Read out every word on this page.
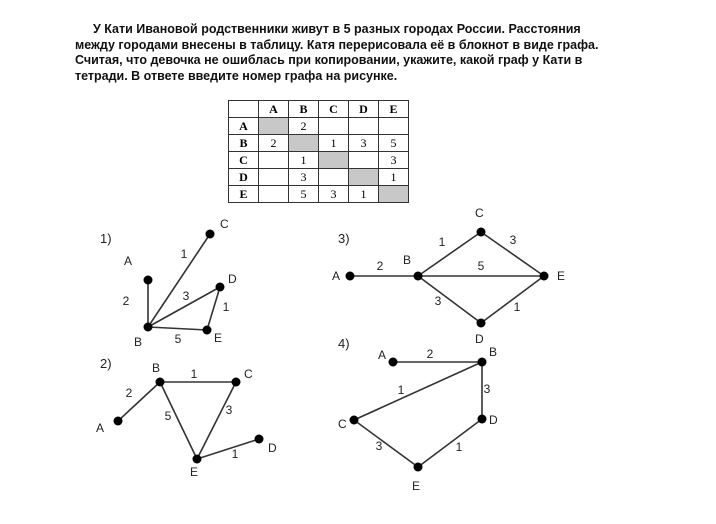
У Кати Ивановой родственники живут в 5 разных городах России. Расстояния
между городами внесены в таблицу. Катя перерисовала её в блокнот в виде графа.
Считая, что девочка не ошиблась при копировании, укажите, какой граф у Кати в
тетради. В ответе введите номер графа на рисунке.
	A	B	C	D	E
A		2			
B	2		1	3	5
C		1			3
D		3			1
E		5	3	1	
1)
2
1
3
1
5
A
B
C
D
E
2)
2
1
5	3
1
A
B	C
D
E
3)
2
1	3
5
3	1
A
B
C
D
E
4)
2
1	3
3	1
A	B
C	D
E
